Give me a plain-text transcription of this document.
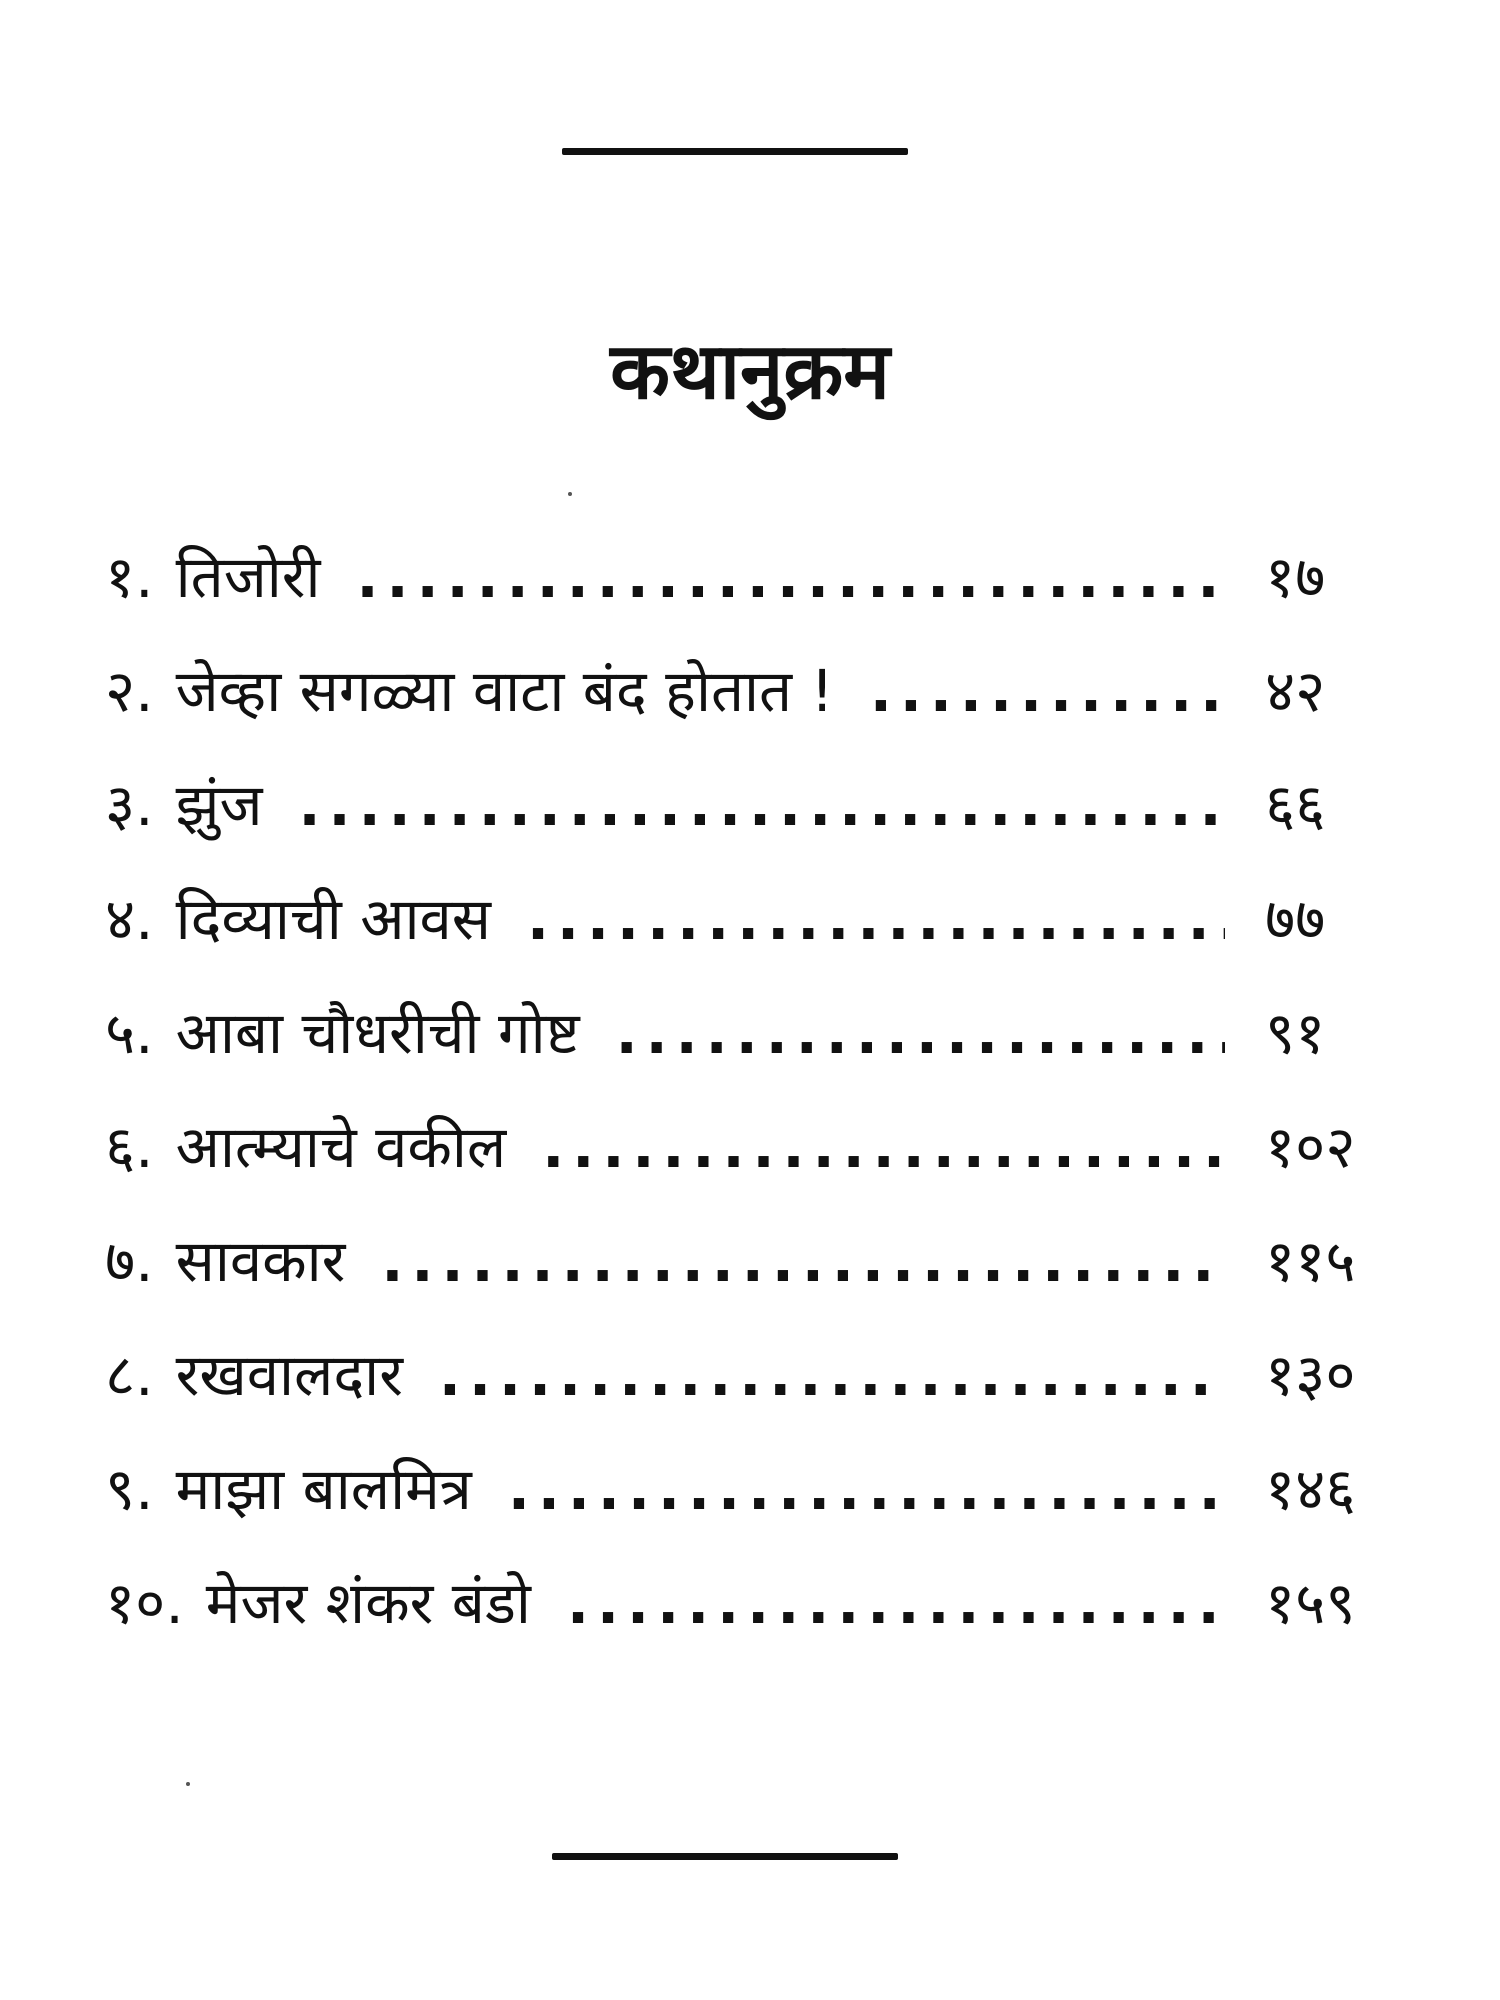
कथानुक्रम
१. तिजोरी .....	१७
२. जेव्हा सगळ्या वाटा बंद होतात ! .....	४२
३. झुंज .....	६६
४. दिव्याची आवस .....	७७
५. आबा चौधरीची गोष्ट .....	९१
६. आत्म्याचे वकील .....	१०२
७. सावकार .....	११५
८. रखवालदार .....	१३०
९. माझा बालमित्र .....	१४६
१०. मेजर शंकर बंडो .....	१५९
